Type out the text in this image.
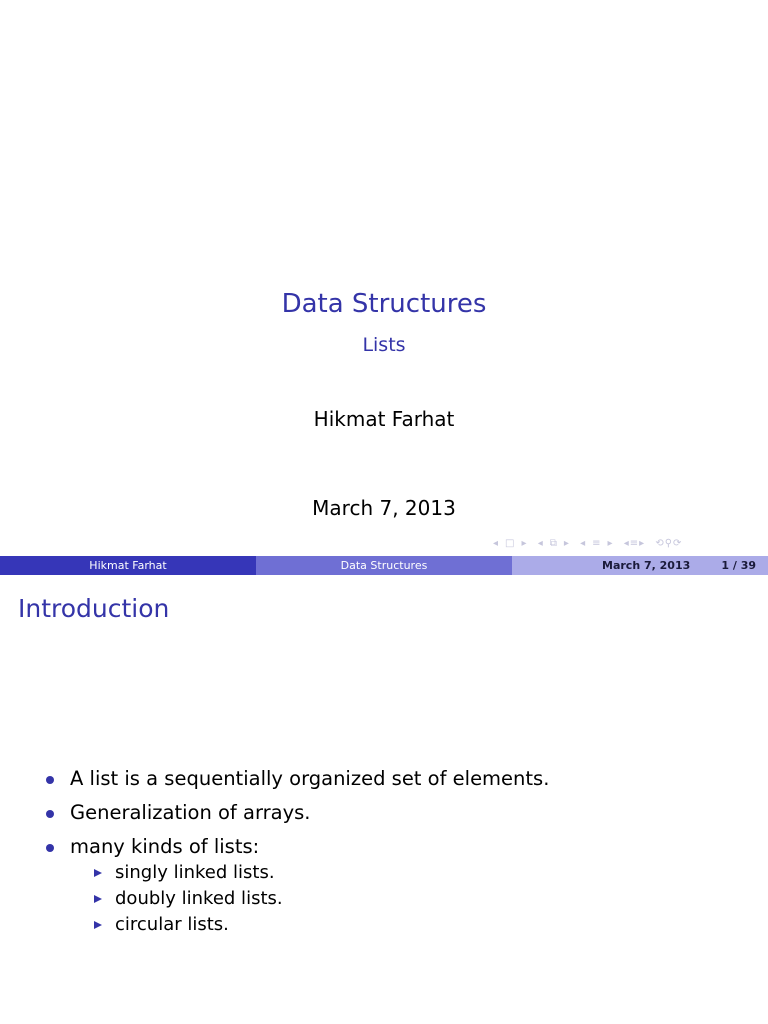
Data Structures
Lists
Hikmat Farhat
March 7, 2013
◂ □ ▸ ◂ ⧉ ▸ ◂ ≡ ▸ ◂≡▸ ⟲⚲⟳
Hikmat Farhat	Data Structures	March 7, 2013	1 / 39
Introduction
A list is a sequentially organized set of elements.
Generalization of arrays.
many kinds of lists:
singly linked lists.
doubly linked lists.
circular lists.
